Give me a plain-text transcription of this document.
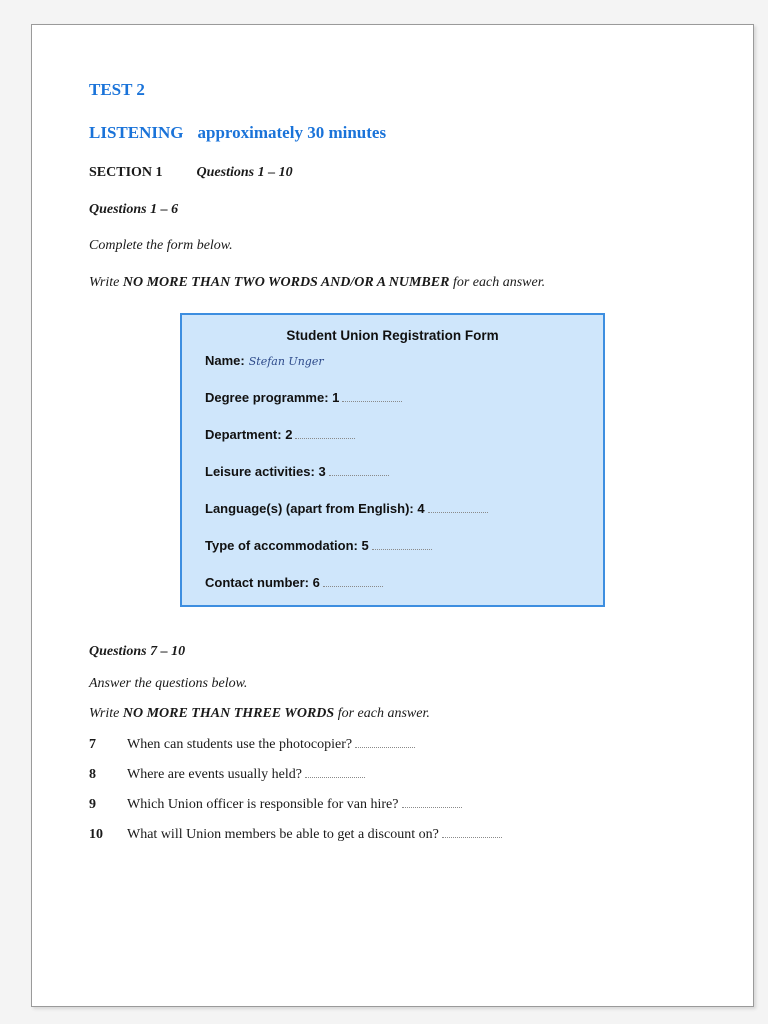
TEST 2
LISTENING approximately 30 minutes
SECTION 1 Questions 1 – 10
Questions 1 – 6
Complete the form below.
Write NO MORE THAN TWO WORDS AND/OR A NUMBER for each answer.
Student Union Registration Form
Name: Stefan Unger
Degree programme: 1
Department: 2
Leisure activities: 3
Language(s) (apart from English): 4
Type of accommodation: 5
Contact number: 6
Questions 7 – 10
Answer the questions below.
Write NO MORE THAN THREE WORDS for each answer.
7 When can students use the photocopier?
8 Where are events usually held?
9 Which Union officer is responsible for van hire?
10 What will Union members be able to get a discount on?
